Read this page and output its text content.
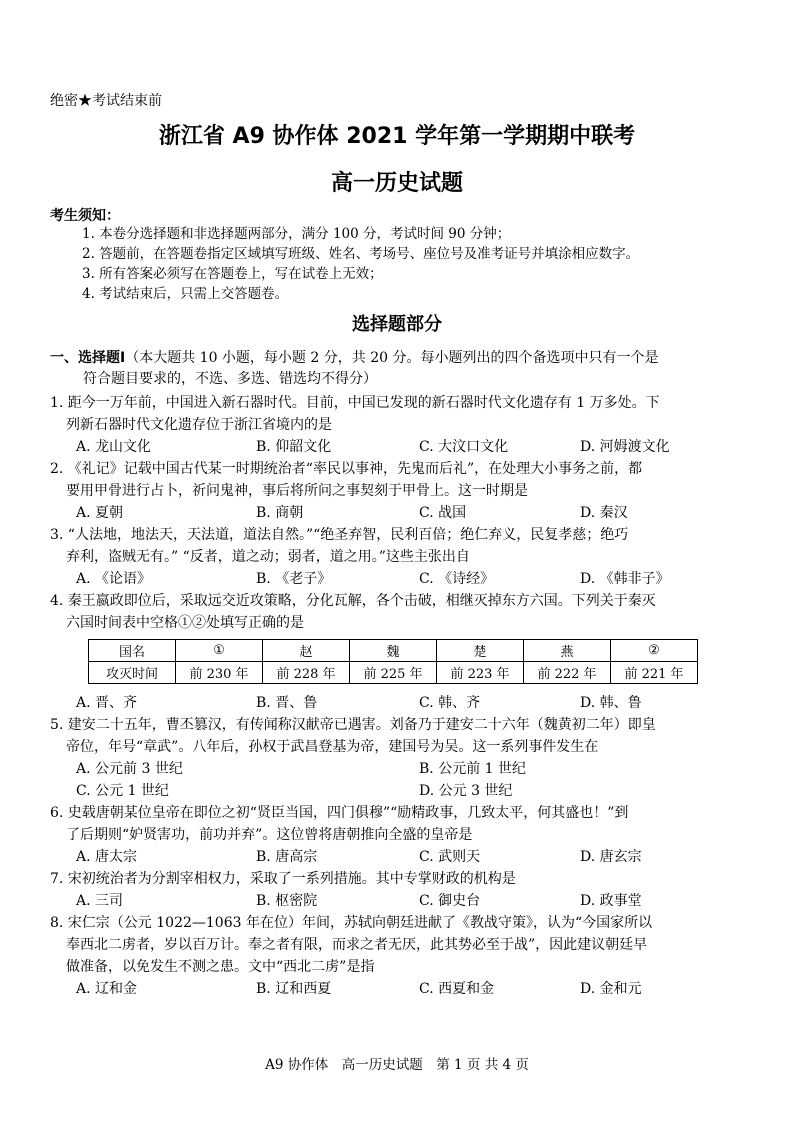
绝密★考试结束前
浙江省 A9 协作体 2021 学年第一学期期中联考
高一历史试题
考生须知：
1. 本卷分选择题和非选择题两部分，满分 100 分，考试时间 90 分钟；
2. 答题前，在答题卷指定区域填写班级、姓名、考场号、座位号及准考证号并填涂相应数字。
3. 所有答案必须写在答题卷上，写在试卷上无效；
4. 考试结束后，只需上交答题卷。
选择题部分
一、选择题Ⅰ（本大题共 10 小题，每小题 2 分，共 20 分。每小题列出的四个备选项中只有一个是
符合题目要求的，不选、多选、错选均不得分）
1. 距今一万年前，中国进入新石器时代。目前，中国已发现的新石器时代文化遗存有 1 万多处。下
列新石器时代文化遗存位于浙江省境内的是
A. 龙山文化	B. 仰韶文化	C. 大汶口文化	D. 河姆渡文化
2. 《礼记》记载中国古代某一时期统治者“率民以事神，先鬼而后礼”，在处理大小事务之前，都
要用甲骨进行占卜，祈问鬼神，事后将所问之事契刻于甲骨上。这一时期是
A. 夏朝	B. 商朝	C. 战国	D. 秦汉
3. “人法地，地法天，天法道，道法自然。”“绝圣弃智，民利百倍；绝仁弃义，民复孝慈；绝巧
弃利，盗贼无有。” “反者，道之动；弱者，道之用。”这些主张出自
A. 《论语》	B. 《老子》	C. 《诗经》	D. 《韩非子》
4. 秦王嬴政即位后，采取远交近攻策略，分化瓦解，各个击破，相继灭掉东方六国。下列关于秦灭
六国时间表中空格①②处填写正确的是
国名	①	赵	魏	楚	燕	②
攻灭时间	前 230 年	前 228 年	前 225 年	前 223 年	前 222 年	前 221 年
A. 晋、齐	B. 晋、鲁	C. 韩、齐	D. 韩、鲁
5. 建安二十五年，曹丕篡汉，有传闻称汉献帝已遇害。刘备乃于建安二十六年（魏黄初二年）即皇
帝位，年号“章武”。八年后，孙权于武昌登基为帝，建国号为吴。这一系列事件发生在
A. 公元前 3 世纪	B. 公元前 1 世纪
C. 公元 1 世纪	D. 公元 3 世纪
6. 史载唐朝某位皇帝在即位之初“贤臣当国，四门俱穆”“励精政事，几致太平，何其盛也！”到
了后期则“妒贤害功，前功并弃”。这位曾将唐朝推向全盛的皇帝是
A. 唐太宗	B. 唐高宗	C. 武则天	D. 唐玄宗
7. 宋初统治者为分割宰相权力，采取了一系列措施。其中专掌财政的机构是
A. 三司	B. 枢密院	C. 御史台	D. 政事堂
8. 宋仁宗（公元 1022—1063 年在位）年间，苏轼向朝廷进献了《教战守策》，认为“今国家所以
奉西北二虏者，岁以百万计。奉之者有限，而求之者无厌，此其势必至于战”，因此建议朝廷早
做准备，以免发生不测之患。文中“西北二虏”是指
A. 辽和金	B. 辽和西夏	C. 西夏和金	D. 金和元
A9 协作体　高一历史试题　第 1 页 共 4 页
